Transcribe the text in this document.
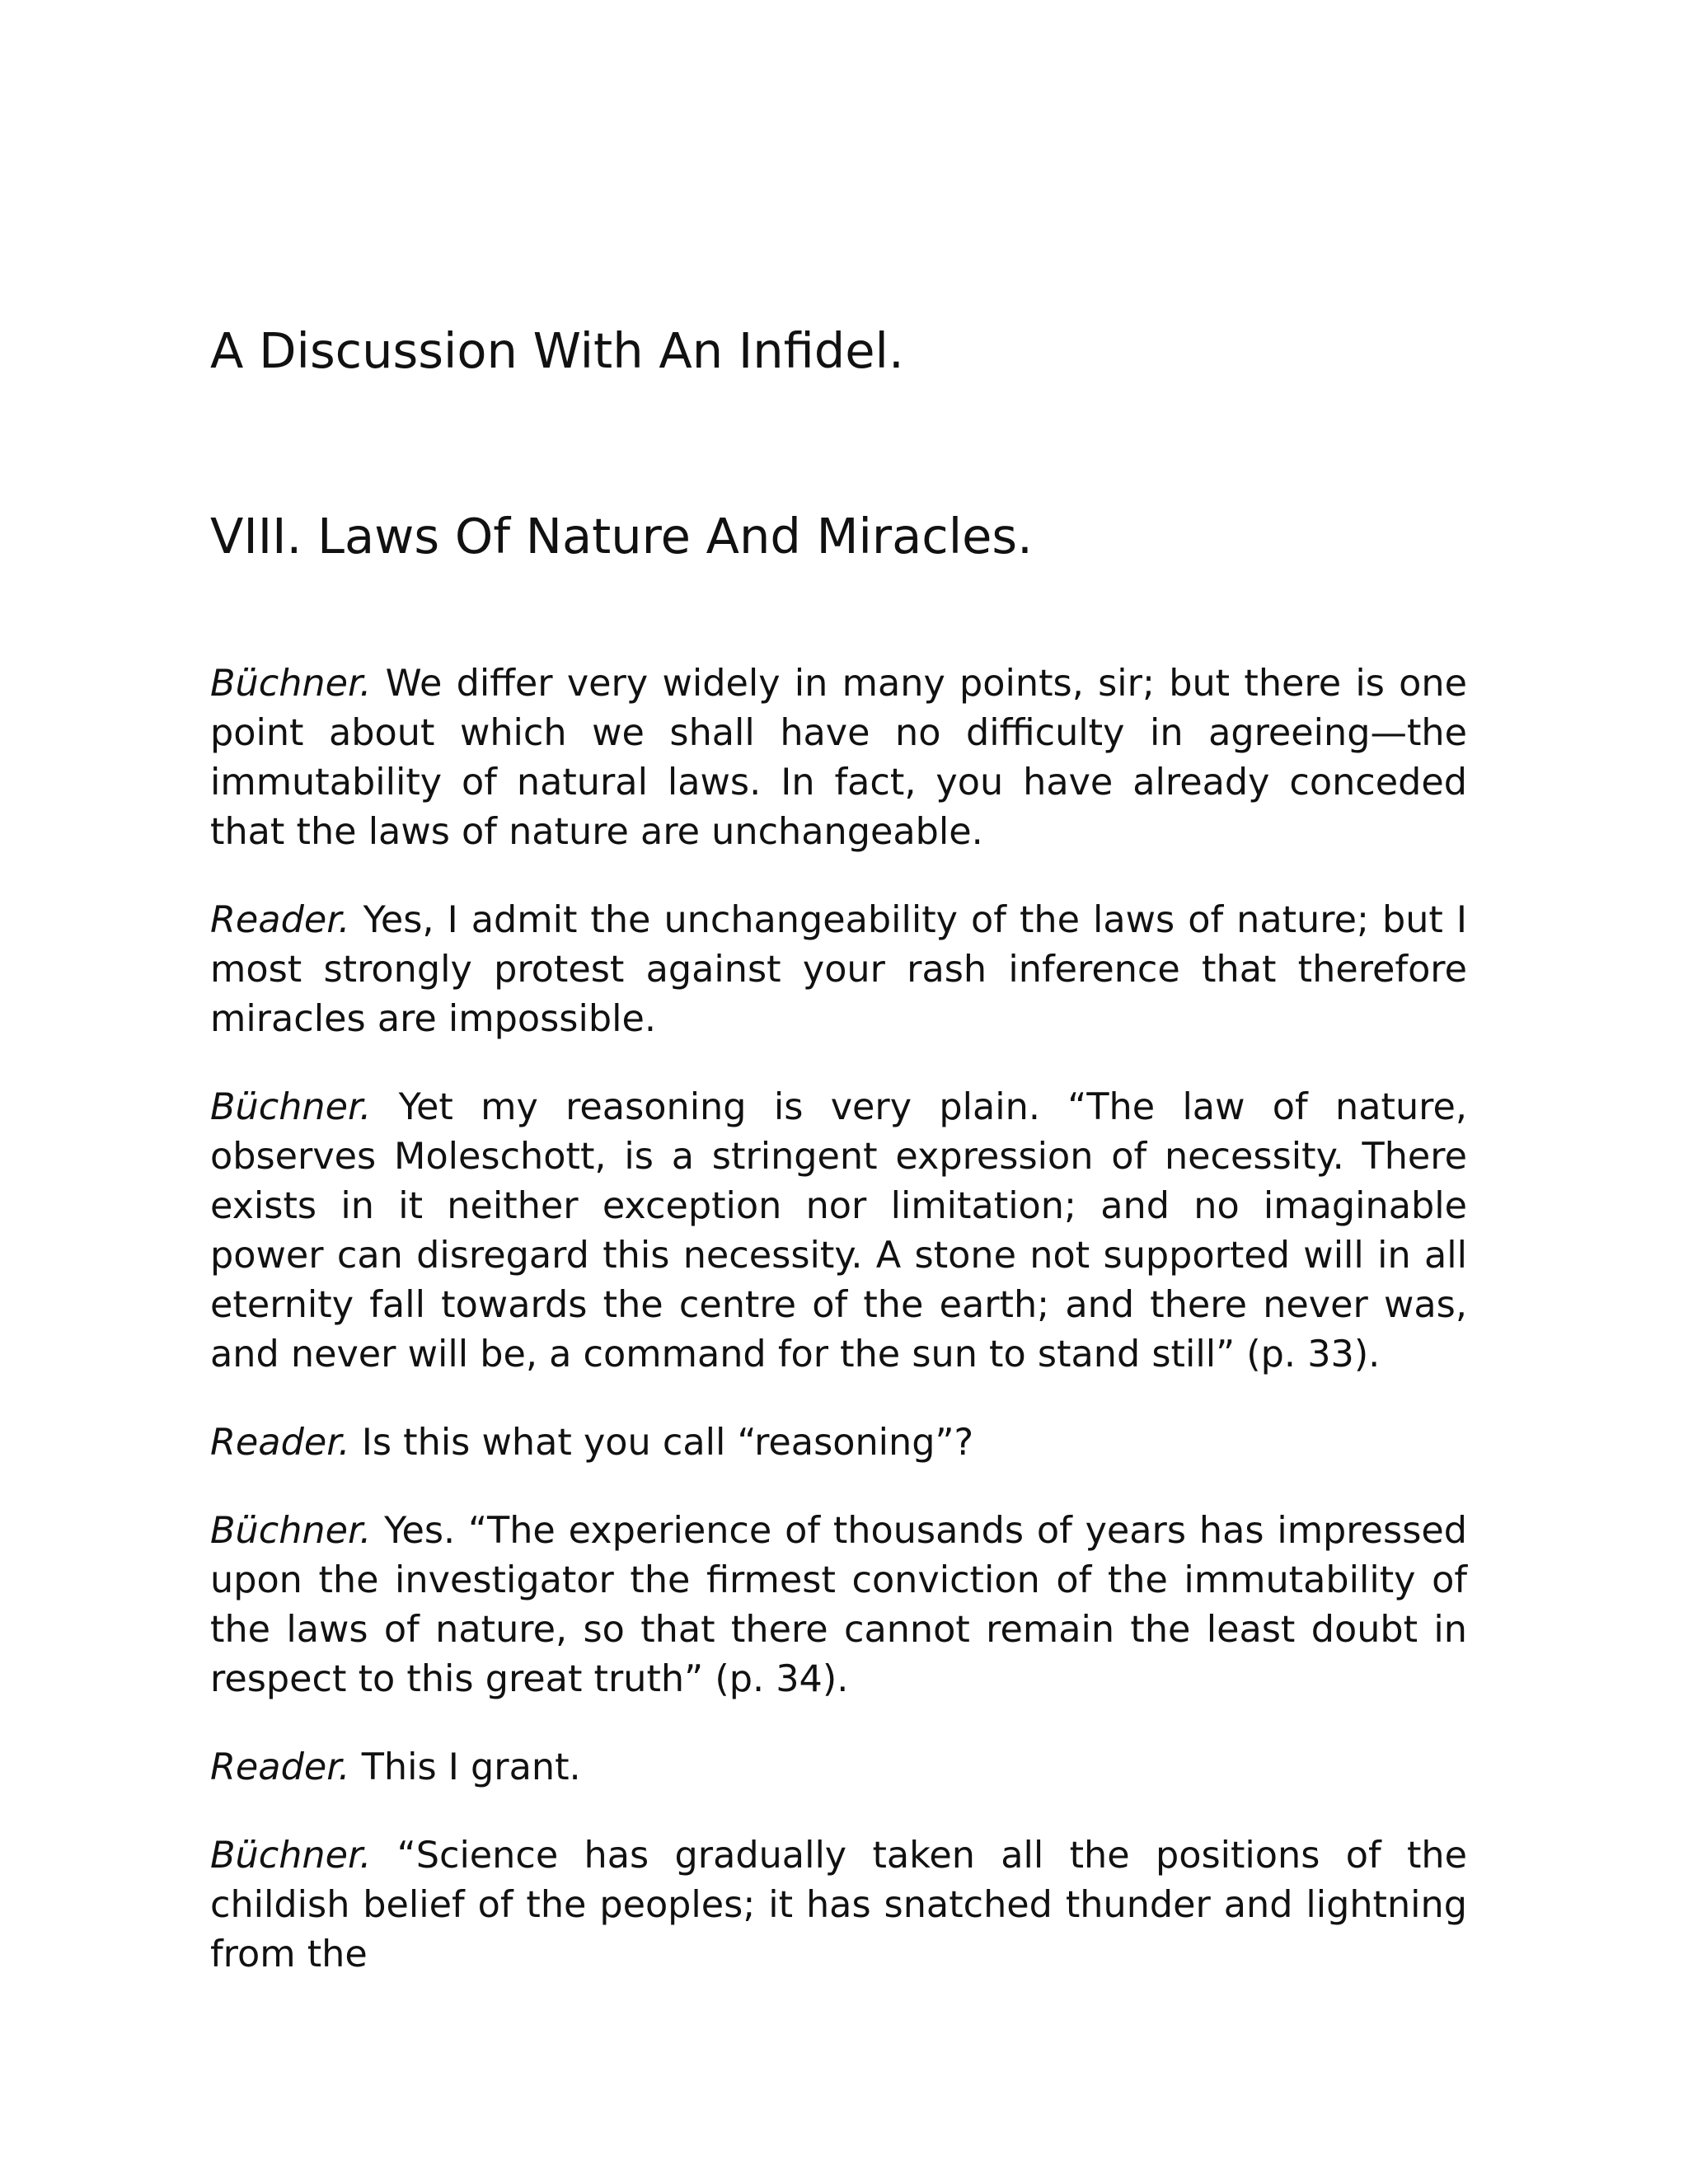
A Discussion With An Infidel.
VIII. Laws Of Nature And Miracles.

Büchner. We differ very widely in many points, sir; but there is one point about which we shall have no difficulty in agreeing—the immutability of natural laws. In fact, you have already conceded that the laws of nature are unchangeable.

Reader. Yes, I admit the unchangeability of the laws of nature; but I most strongly protest against your rash inference that therefore miracles are impossible.

Büchner. Yet my reasoning is very plain. “The law of nature, observes Moleschott, is a stringent expression of necessity. There exists in it neither exception nor limitation; and no imaginable power can disregard this necessity. A stone not supported will in all eternity fall towards the centre of the earth; and there never was, and never will be, a command for the sun to stand still” (p. 33).

Reader. Is this what you call “reasoning”?

Büchner. Yes. “The experience of thousands of years has impressed upon the investigator the firmest conviction of the immutability of the laws of nature, so that there cannot remain the least doubt in respect to this great truth” (p. 34).

Reader. This I grant.

Büchner. “Science has gradually taken all the positions of the childish belief of the peoples; it has snatched thunder and lightning from the
